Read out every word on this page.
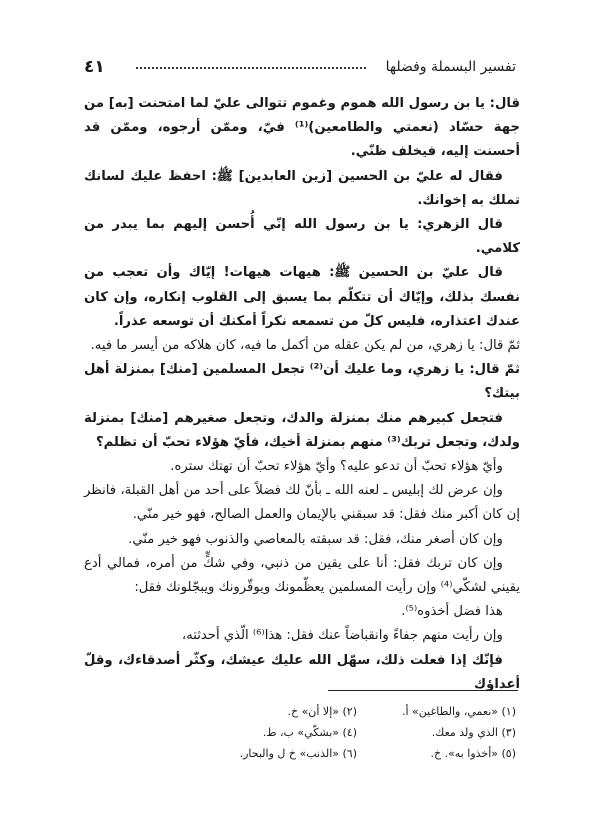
٤١	تفسير البسملة وفضلها

قال: يا بن رسول الله هموم وغموم تتوالى عليّ لما امتحنت [به] من جهة حسّاد (نعمتي والطامعين)⁽¹⁾ فيّ، وممّن أرجوه، وممّن قد أحسنت إليه، فيخلف ظنّي.

فقال له عليّ بن الحسين [زين العابدين] ﷺ: احفظ عليك لسانك تملك به إخوانك.

قال الزهري: يا بن رسول الله إنّي أُحسن إليهم بما يبدر من كلامي.

قال عليّ بن الحسين ﷺ: هيهات هيهات! إيّاك وأن تعجب من نفسك بذلك، وإيّاك أن تتكلّم بما يسبق إلى القلوب إنكاره، وإن كان عندك اعتذاره، فليس كلّ من تسمعه نكراً أمكنك أن توسعه عذراً.

ثمّ قال: يا زهري، من لم يكن عقله من أكمل ما فيه، كان هلاكه من أيسر ما فيه.

ثمّ قال: يا زهري، وما عليك أن⁽²⁾ تجعل المسلمين [منك] بمنزلة أهل بيتك؟

فتجعل كبيرهم منك بمنزلة والدك، وتجعل صغيرهم [منك] بمنزلة ولدك، وتجعل تربك⁽³⁾ منهم بمنزلة أخيك، فأيّ هؤلاء تحبّ أن تظلم؟

وأيّ هؤلاء تحبّ أن تدعو عليه؟ وأيّ هؤلاء تحبّ أن تهتك ستره.

وإن عرض لك إبليس ـ لعنه الله ـ بأنّ لك فضلاً على أحد من أهل القبلة، فانظر إن كان أكبر منك فقل: قد سبقني بالإيمان والعمل الصالح، فهو خير منّي.

وإن كان أصغر منك، فقل: قد سبقته بالمعاصي والذنوب فهو خير منّي.

وإن كان تربك فقل: أنا على يقين من ذنبي، وفي شكٍّ من أمره، فمالي أدع يقيني لشكّي⁽⁴⁾ وإن رأيت المسلمين يعظّمونك ويوقّرونك ويبجّلونك فقل:

هذا فضل أخذوه⁽⁵⁾.

وإن رأيت منهم جفاءً وانقباضاً عنك فقل: هذا⁽⁶⁾ الّذي أحدثته،

فإنّك إذا فعلت ذلك، سهّل الله عليك عيشك، وكثّر أصدقاءك، وقلّ أعداؤك

(١) «نعمي، والطاغين» أ.
(٢) «إلا أن» خ.
(٣) الذي ولد معك.
(٤) «بشكّي» ب، ط.
(٥) «أخذوا به». خ.
(٦) «الذنب» خ ل والبحار.
